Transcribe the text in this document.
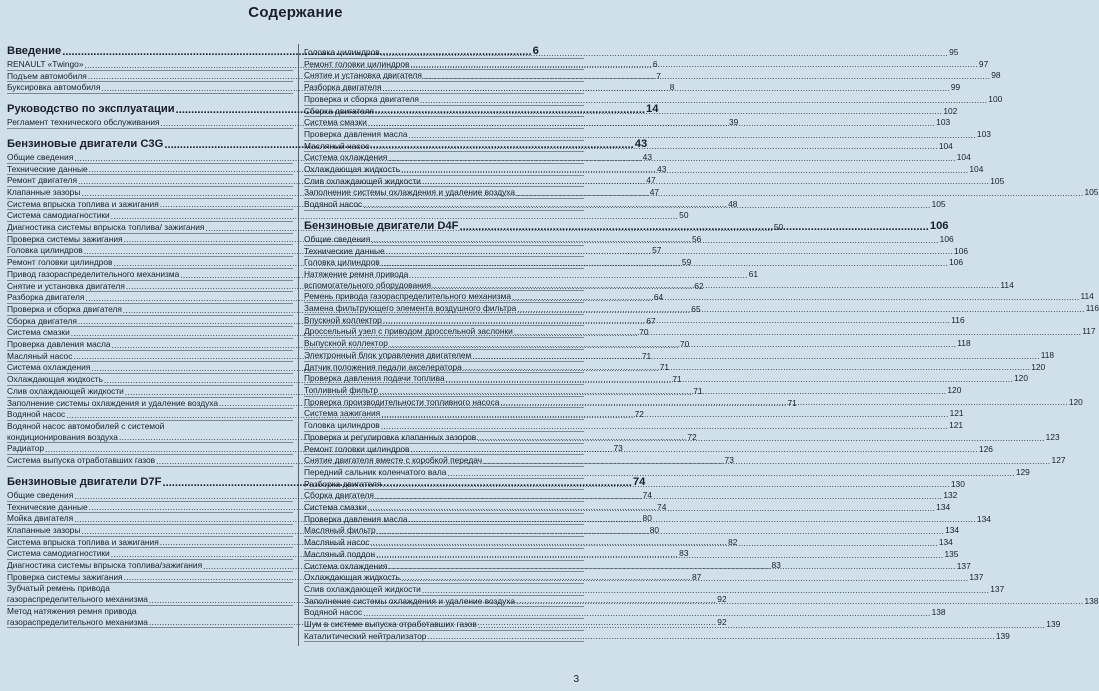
Содержание
Введение .....	6
RENAULT «Twingo» .....	6
Подъем автомобиля .....	7
Буксировка автомобиля .....	8
Руководство по эксплуатации .....	14
Регламент технического обслуживания .....	39
Бензиновые двигатели C3G .....	43
Общие сведения .....	43
Технические данные .....	43
Ремонт двигателя .....	47
Клапанные зазоры .....	47
Система впрыска топлива и зажигания .....	48
Система самодиагностики .....	50
Диагностика системы впрыска топлива/ зажигания .....	50
Проверка системы зажигания .....	56
Головка цилиндров .....	57
Ремонт головки цилиндров .....	59
Привод газораспределительного механизма .....	61
Снятие и установка двигателя .....	62
Разборка двигателя .....	64
Проверка и сборка двигателя .....	65
Сборка двигателя .....	67
Система смазки .....	70
Проверка давления масла .....	70
Масляный насос .....	71
Система охлаждения .....	71
Охлаждающая жидкость .....	71
Слив охлаждающей жидкости .....	71
Заполнение системы охлаждения и удаление воздуха .....	71
Водяной насос .....	72
Водяной насос автомобилей с системой
кондиционирования воздуха .....	72
Радиатор .....	73
Система выпуска отработавших газов .....	73
Бензиновые двигатели D7F .....	74
Общие сведения .....	74
Технические данные .....	74
Мойка двигателя .....	80
Клапанные зазоры .....	80
Система впрыска топлива и зажигания .....	82
Система самодиагностики .....	83
Диагностика системы впрыска топлива/зажигания .....	83
Проверка системы зажигания .....	87
Зубчатый ремень привода
газораспределительного механизма .....	92
Метод натяжения ремня привода
газораспределительного механизма .....	92
Головка цилиндров .....	95
Ремонт головки цилиндров .....	97
Снятие и установка двигателя .....	98
Разборка двигателя .....	99
Проверка и сборка двигателя .....	100
Сборка двигателя .....	102
Система смазки .....	103
Проверка давления масла .....	103
Масляный насос .....	104
Система охлаждения .....	104
Охлаждающая жидкость .....	104
Слив охлаждающей жидкости .....	105
Заполнение системы охлаждения и удаление воздуха .....	105
Водяной насос .....	105
Бензиновые двигатели D4F .....	106
Общие сведения .....	106
Технические данные .....	106
Головка цилиндров .....	106
Натяжение ремня привода
вспомогательного оборудования .....	114
Ремень привода газораспределительного механизма .....	114
Замена фильтрующего элемента воздушного фильтра .....	116
Впускной коллектор .....	116
Дроссельный узел с приводом дроссельной заслонки .....	117
Выпускной коллектор .....	118
Электронный блок управления двигателем .....	118
Датчик положения педали акселератора .....	120
Проверка давления подачи топлива .....	120
Топливный фильтр .....	120
Проверка производительности топливного насоса .....	120
Система зажигания .....	121
Головка цилиндров .....	121
Проверка и регулировка клапанных зазоров .....	123
Ремонт головки цилиндров .....	126
Снятие двигателя вместе с коробкой передач .....	127
Передний сальник коленчатого вала .....	129
Разборка двигателя .....	130
Сборка двигателя .....	132
Система смазки .....	134
Проверка давления масла .....	134
Масляный фильтр .....	134
Масляный насос .....	134
Масляный поддон .....	135
Система охлаждения .....	137
Охлаждающая жидкость .....	137
Слив охлаждающей жидкости .....	137
Заполнение системы охлаждения и удаление воздуха .....	138
Водяной насос .....	138
Шум в системе выпуска отработавших газов .....	139
Каталитический нейтрализатор .....	139
3
